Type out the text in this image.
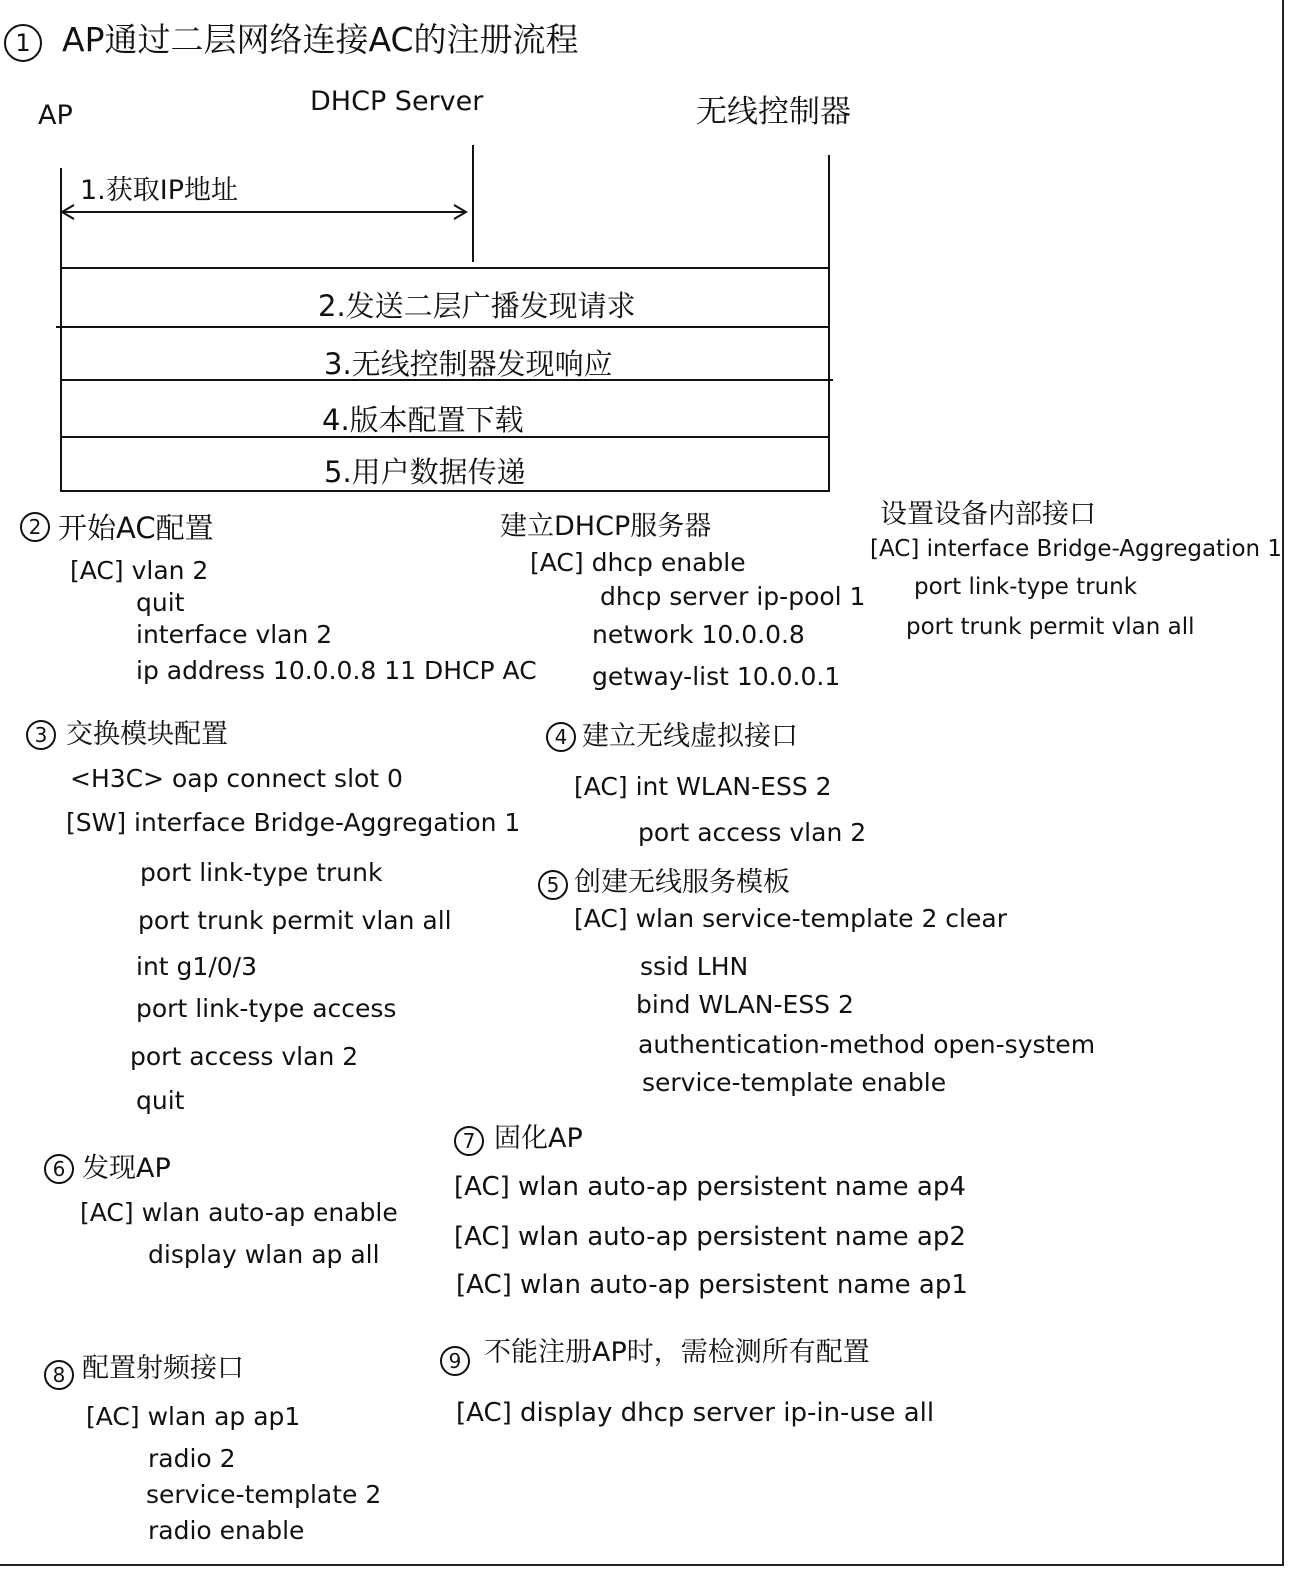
1 AP通过二层网络连接AC的注册流程
AP	DHCP Server	无线控制器
1.获取IP地址
2.发送二层广播发现请求
3.无线控制器发现响应
4.版本配置下载
5.用户数据传递
2 开始AC配置
[AC] vlan 2
quit
interface vlan 2
ip address 10.0.0.8 11 DHCP AC
建立DHCP服务器
[AC] dhcp enable
dhcp server ip-pool 1
network 10.0.0.8
getway-list 10.0.0.1
设置设备内部接口
[AC] interface Bridge-Aggregation 1
port link-type trunk
port trunk permit vlan all
3 交换模块配置
<H3C> oap connect slot 0
[SW] interface Bridge-Aggregation 1
port link-type trunk
port trunk permit vlan all
int g1/0/3
port link-type access
port access vlan 2
quit
4 建立无线虚拟接口
[AC] int WLAN-ESS 2
port access vlan 2
5 创建无线服务模板
[AC] wlan service-template 2 clear
ssid LHN
bind WLAN-ESS 2
authentication-method open-system
service-template enable
6 发现AP
[AC] wlan auto-ap enable
display wlan ap all
7 固化AP
[AC] wlan auto-ap persistent name ap4
[AC] wlan auto-ap persistent name ap2
[AC] wlan auto-ap persistent name ap1
8 配置射频接口
[AC] wlan ap ap1
radio 2
service-template 2
radio enable
9 不能注册AP时，需检测所有配置
[AC] display dhcp server ip-in-use all
